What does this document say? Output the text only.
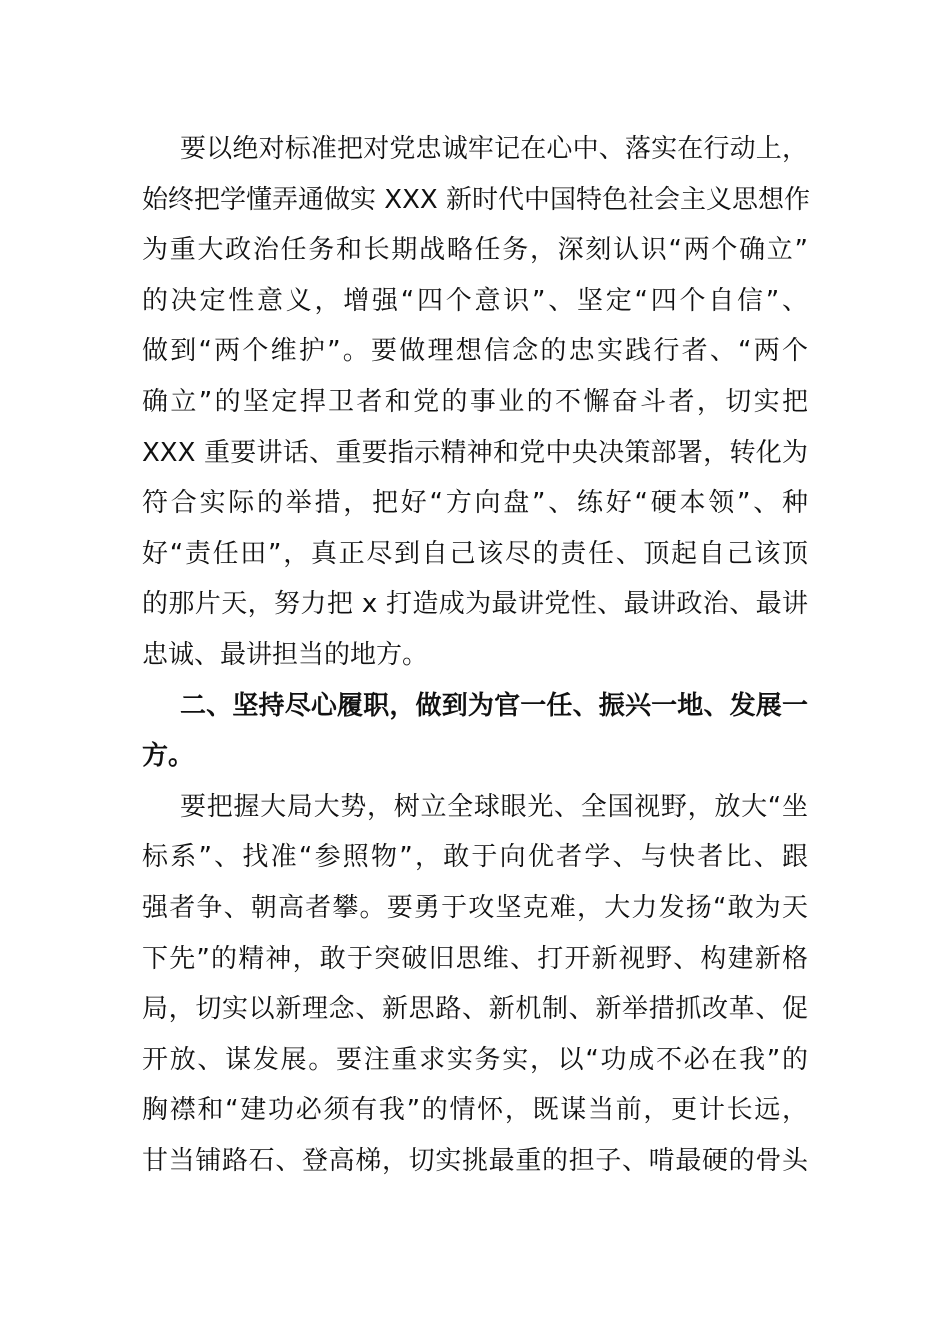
要以绝对标准把对党忠诚牢记在心中、落实在行动上，
始终把学懂弄通做实 XXX 新时代中国特色社会主义思想作
为重大政治任务和长期战略任务，深刻认识“两个确立”
的决定性意义，增强“四个意识”、坚定“四个自信”、
做到“两个维护”。要做理想信念的忠实践行者、“两个
确立”的坚定捍卫者和党的事业的不懈奋斗者，切实把
XXX 重要讲话、重要指示精神和党中央决策部署，转化为
符合实际的举措，把好“方向盘”、练好“硬本领”、种
好“责任田”，真正尽到自己该尽的责任、顶起自己该顶
的那片天，努力把 x 打造成为最讲党性、最讲政治、最讲
忠诚、最讲担当的地方。

二、坚持尽心履职，做到为官一任、振兴一地、发展一
方。

要把握大局大势，树立全球眼光、全国视野，放大“坐
标系”、找准“参照物”，敢于向优者学、与快者比、跟
强者争、朝高者攀。要勇于攻坚克难，大力发扬“敢为天
下先”的精神，敢于突破旧思维、打开新视野、构建新格
局，切实以新理念、新思路、新机制、新举措抓改革、促
开放、谋发展。要注重求实务实，以“功成不必在我”的
胸襟和“建功必须有我”的情怀，既谋当前，更计长远，
甘当铺路石、登高梯，切实挑最重的担子、啃最硬的骨头
